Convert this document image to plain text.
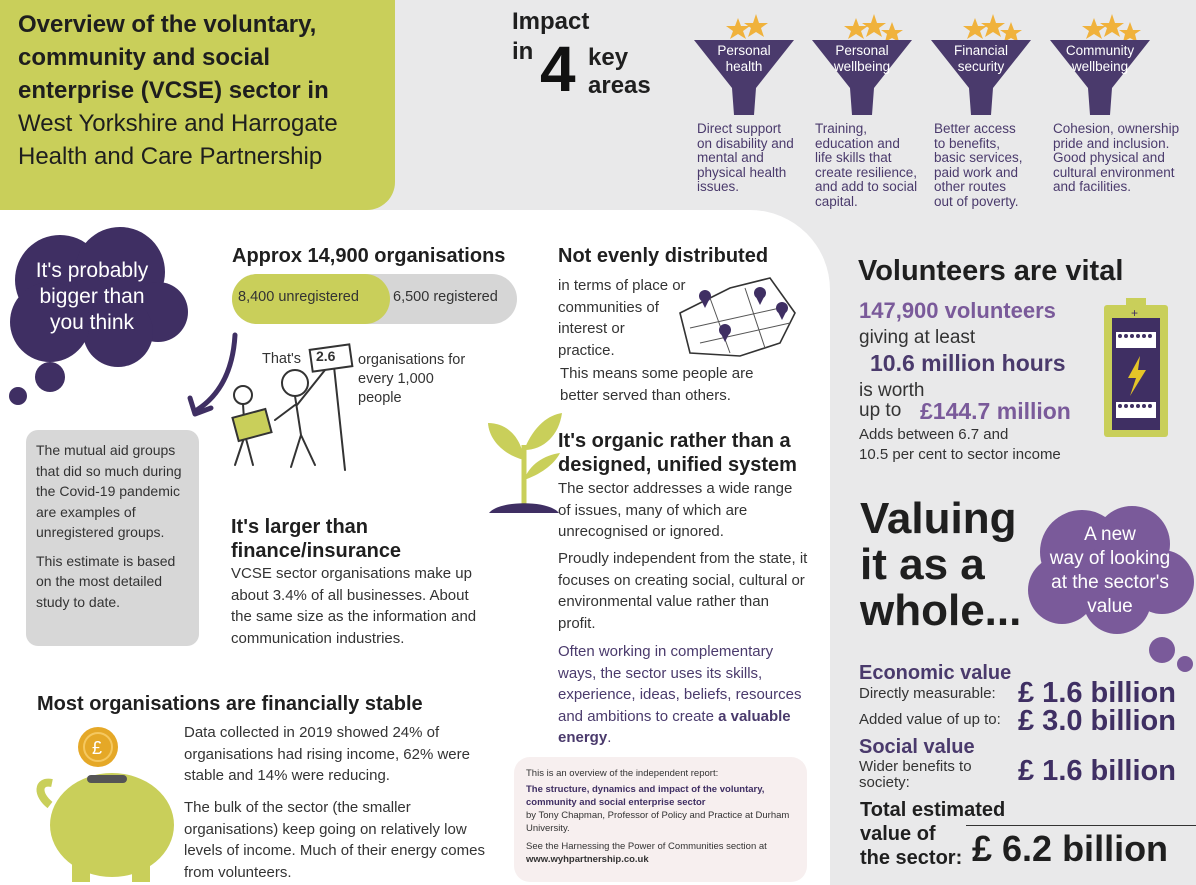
Overview of the voluntary,
community and social
enterprise (VCSE) sector in
West Yorkshire and Harrogate
Health and Care Partnership
Impact
in 4 key
areas
Personal
health
Direct support
on disability and
mental and
physical health
issues.
Personal
wellbeing
Training,
education and
life skills that
create resilience,
and add to social
capital.
Financial
security
Better access
to benefits,
basic services,
paid work and
other routes
out of poverty.
Community
wellbeing
Cohesion, ownership
pride and inclusion.
Good physical and
cultural environment
and facilities.
It's probably
bigger than
you think
The mutual aid groups that did so much during the Covid-19 pandemic are examples of unregistered groups.
This estimate is based on the most detailed study to date.
Approx 14,900 organisations
8,400 unregistered 6,500 registered
2.6
That's	organisations for
every 1,000
people
It's larger than
finance/insurance
VCSE sector organisations make up about 3.4% of all businesses. About the same size as the information and communication industries.
Most organisations are financially stable
£
Data collected in 2019 showed 24% of organisations had rising income, 62% were stable and 14% were reducing.
The bulk of the sector (the smaller organisations) keep going on relatively low levels of income. Much of their energy comes from volunteers.
Not evenly distributed
in terms of place or
communities of
interest or
practice.
This means some people are better served than others.
It's organic rather than a
designed, unified system
The sector addresses a wide range of issues, many of which are unrecognised or ignored.
Proudly independent from the state, it focuses on creating social, cultural or environmental value rather than profit.
Often working in complementary ways, the sector uses its skills, experience, ideas, beliefs, resources and ambitions to create a valuable energy.
This is an overview of the independent report:
The structure, dynamics and impact of the voluntary, community and social enterprise sector
by Tony Chapman, Professor of Policy and Practice at Durham University.
See the Harnessing the Power of Communities section at
www.wyhpartnership.co.uk
Volunteers are vital
147,900 volunteers
giving at least
10.6 million hours
is worth
up to £144.7 million
Adds between 6.7 and
10.5 per cent to sector income
+
Valuing
it as a
whole...
A new
way of looking
at the sector's
value
Economic value
Directly measurable: £ 1.6 billion
Added value of up to: £ 3.0 billion
Social value
Wider benefits to
society:	£ 1.6 billion
Total estimated
value of
the sector: £ 6.2 billion
